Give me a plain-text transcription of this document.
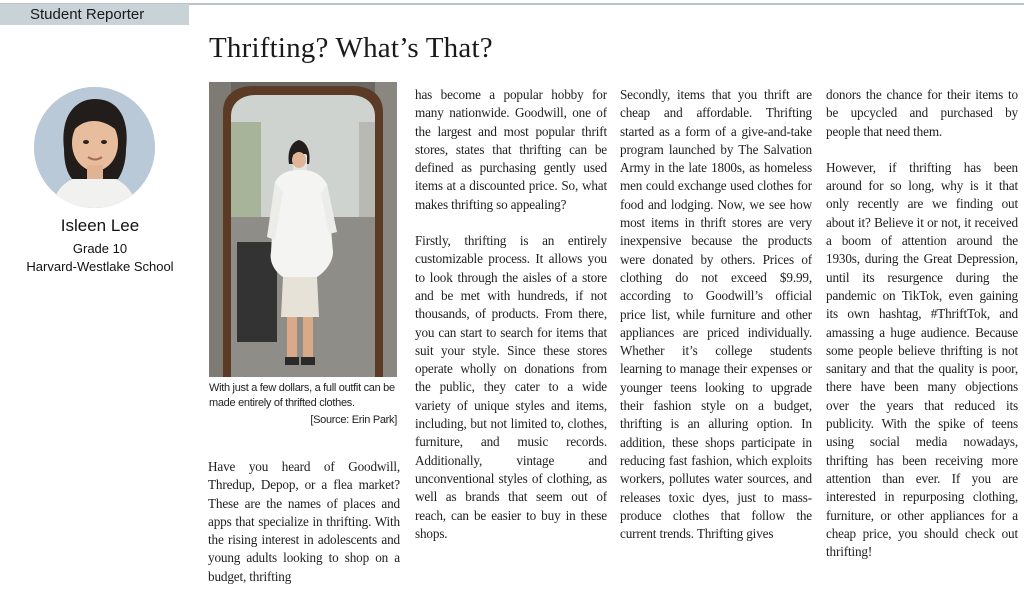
Student Reporter
Thrifting? What’s That?
Isleen Lee
Grade 10
Harvard-Westlake School

With just a few dollars, a full outfit can be made entirely of thrifted clothes.

[Source: Erin Park]

Have you heard of Goodwill, Thredup, Depop, or a flea market? These are the names of places and apps that specialize in thrifting. With the rising interest in adolescents and young adults looking to shop on a budget, thrifting

has become a popular hobby for many nationwide. Goodwill, one of the largest and most popular thrift stores, states that thrifting can be defined as purchasing gently used items at a discounted price. So, what makes thrifting so appealing?

Firstly, thrifting is an entirely customizable process. It allows you to look through the aisles of a store and be met with hundreds, if not thousands, of products. From there, you can start to search for items that suit your style. Since these stores operate wholly on donations from the public, they cater to a wide variety of unique styles and items, including, but not limited to, clothes, furniture, and music records. Additionally, vintage and unconventional styles of clothing, as well as brands that seem out of reach, can be easier to buy in these shops.

Secondly, items that you thrift are cheap and affordable. Thrifting started as a form of a give-and-take program launched by The Salvation Army in the late 1800s, as homeless men could exchange used clothes for food and lodging. Now, we see how most items in thrift stores are very inexpensive because the products were donated by others. Prices of clothing do not exceed $9.99, according to Goodwill’s official price list, while furniture and other appliances are priced individually. Whether it’s college students learning to manage their expenses or younger teens looking to upgrade their fashion style on a budget, thrifting is an alluring option. In addition, these shops participate in reducing fast fashion, which exploits workers, pollutes water sources, and releases toxic dyes, just to mass-produce clothes that follow the current trends. Thrifting gives

donors the chance for their items to be upcycled and purchased by people that need them.

However, if thrifting has been around for so long, why is it that only recently are we finding out about it? Believe it or not, it received a boom of attention around the 1930s, during the Great Depression, until its resurgence during the pandemic on TikTok, even gaining its own hashtag, #ThriftTok, and amassing a huge audience. Because some people believe thrifting is not sanitary and that the quality is poor, there have been many objections over the years that reduced its publicity. With the spike of teens using social media nowadays, thrifting has been receiving more attention than ever. If you are interested in repurposing clothing, furniture, or other appliances for a cheap price, you should check out thrifting!
